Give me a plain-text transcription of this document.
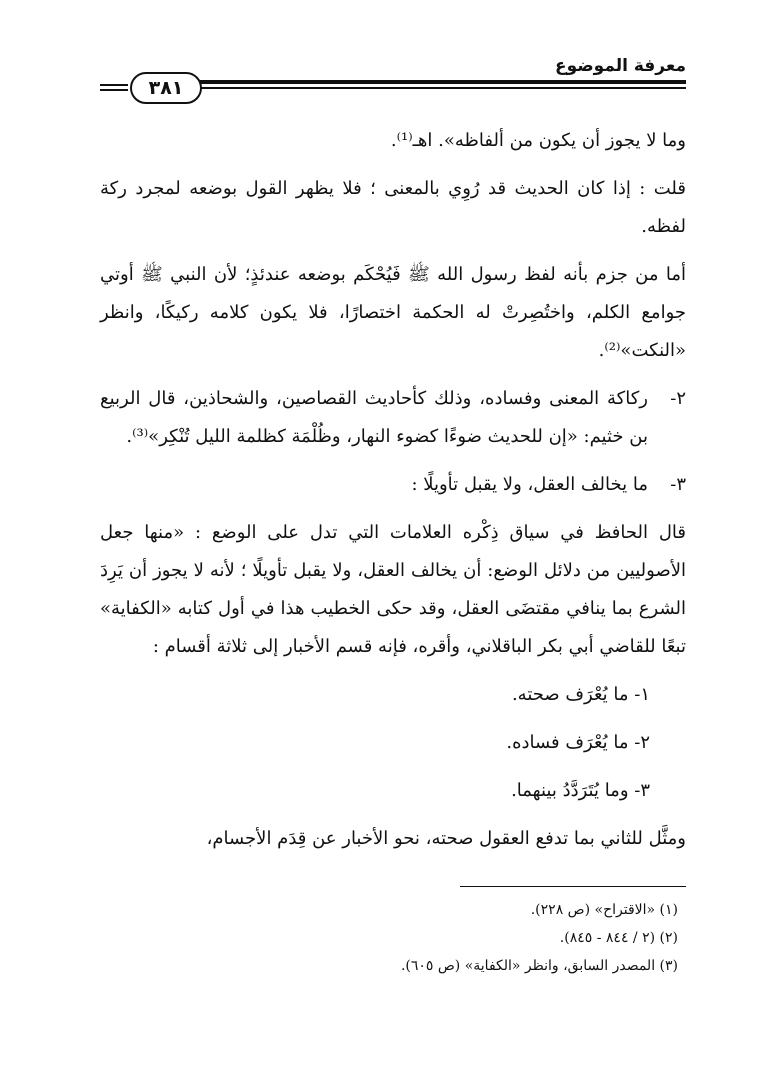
معرفة الموضوع
٣٨١

وما لا يجوز أن يكون من ألفاظه». اهـ⁽¹⁾.

قلت : إذا كان الحديث قد رُوِي بالمعنى ؛ فلا يظهر القول بوضعه لمجرد ركة لفظه.

أما من جزم بأنه لفظ رسول الله ﷺ فَيُحْكَم بوضعه عندئذٍ؛ لأن النبي ﷺ أوتي جوامع الكلم، واختُصِرتْ له الحكمة اختصارًا، فلا يكون كلامه ركيكًا، وانظر «النكت»⁽²⁾.

٢-
ركاكة المعنى وفساده، وذلك كأحاديث القصاصين، والشحاذين، قال الربيع بن خثيم: «إن للحديث ضوءًا كضوء النهار، وظُلْمَة كظلمة الليل تُنْكِر»⁽³⁾.
٣-
ما يخالف العقل، ولا يقبل تأويلًا :

قال الحافظ في سياق ذِكْره العلامات التي تدل على الوضع : «منها جعل الأصوليين من دلائل الوضع: أن يخالف العقل، ولا يقبل تأويلًا ؛ لأنه لا يجوز أن يَرِدَ الشرع بما ينافي مقتضَى العقل، وقد حكى الخطيب هذا في أول كتابه «الكفاية» تبعًا للقاضي أبي بكر الباقلاني، وأقره، فإنه قسم الأخبار إلى ثلاثة أقسام :

١- ما يُعْرَف صحته.
٢- ما يُعْرَف فساده.
٣- وما يُتَرَدَّدُ بينهما.

ومثَّل للثاني بما تدفع العقول صحته، نحو الأخبار عن قِدَم الأجسام،

(١) «الاقتراح» (ص ٢٢٨).
(٢) (٢ / ٨٤٤ - ٨٤٥).
(٣) المصدر السابق، وانظر «الكفاية» (ص ٦٠٥).
